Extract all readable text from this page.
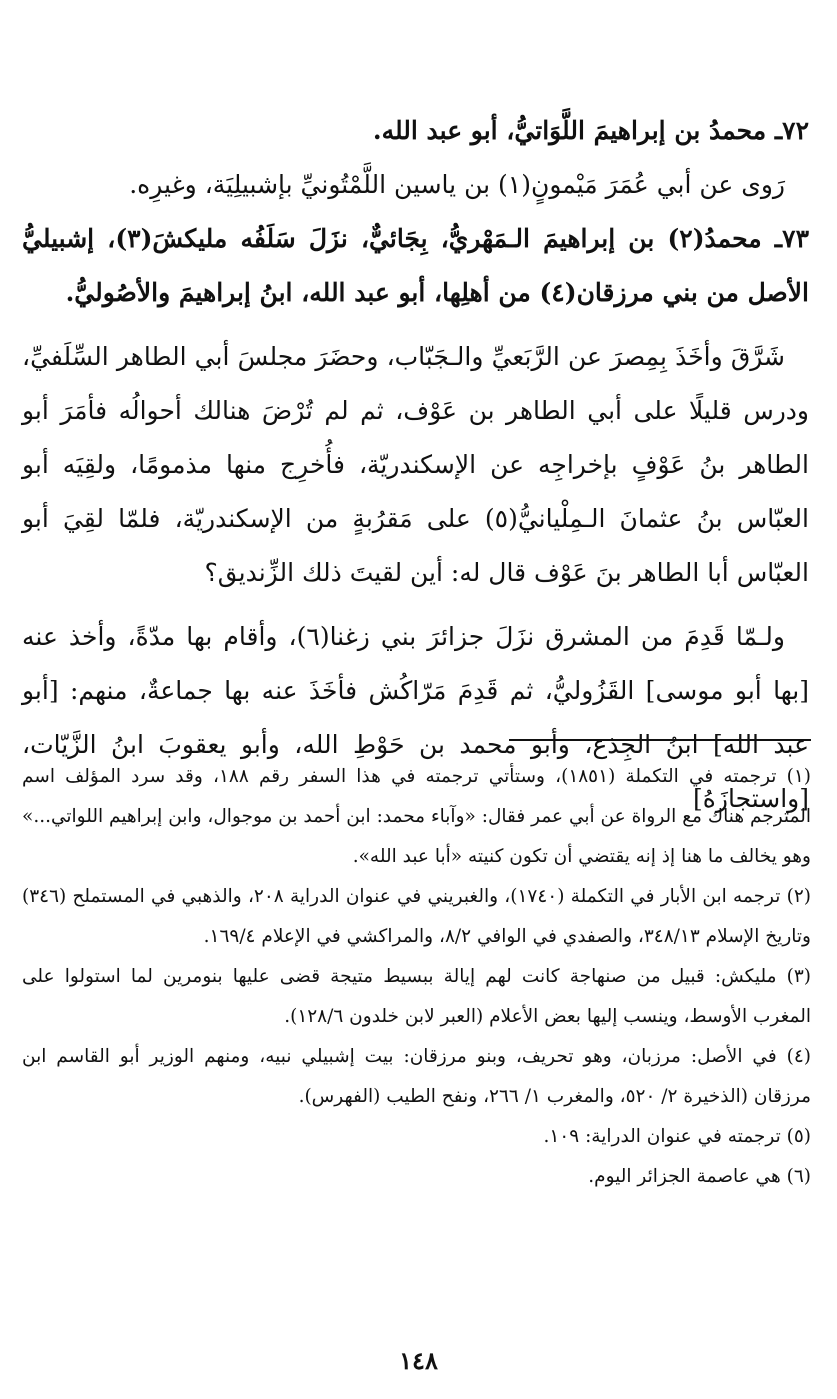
٧٢ـ محمدُ بن إبراهيمَ اللَّوَاتيُّ، أبو عبد الله.

رَوى عن أبي عُمَرَ مَيْمونٍ(١) بن ياسين اللَّمْتُونيِّ بإشبيلِيَة، وغيرِه.

٧٣ـ محمدُ(٢) بن إبراهيمَ الـمَهْريُّ، بِجَائيٌّ، نزَلَ سَلَفُه مليكشَ(٣)، إشبيليُّ الأصل من بني مرزقان(٤) من أهلِها، أبو عبد الله، ابنُ إبراهيمَ والأصُوليُّ.

شَرَّقَ وأخَذَ بِمِصرَ عن الرَّبَعيِّ والـجَبّاب، وحضَرَ مجلسَ أبي الطاهر السِّلَفيِّ، ودرس قليلًا على أبي الطاهر بن عَوْف، ثم لم تُرْضَ هنالك أحوالُه فأمَرَ أبو الطاهر بنُ عَوْفٍ بإخراجِه عن الإسكندريّة، فأُخرِج منها مذمومًا، ولقِيَه أبو العبّاس بنُ عثمانَ الـمِلْيانيُّ(٥) على مَقرُبةٍ من الإسكندريّة، فلمّا لقِيَ أبو العبّاس أبا الطاهر بنَ عَوْف قال له: أين لقيتَ ذلك الزِّنديق؟

ولـمّا قَدِمَ من المشرق نزَلَ جزائرَ بني زغنا(٦)، وأقام بها مدّةً، وأخذ عنه [بها أبو موسى] القَزُوليُّ، ثم قَدِمَ مَرّاكُش فأخَذَ عنه بها جماعةٌ، منهم: [أبو عبد الله] ابنُ الجِذع، وأبو محمد بن حَوْطِ الله، وأبو يعقوبَ ابنُ الزَّيّات، [واستجازَهُ]

(١) ترجمته في التكملة (١٨٥١)، وستأتي ترجمته في هذا السفر رقم ١٨٨، وقد سرد المؤلف اسم المترجم هناك مع الرواة عن أبي عمر فقال: «وآباء محمد: ابن أحمد بن موجوال، وابن إبراهيم اللواتي...» وهو يخالف ما هنا إذ إنه يقتضي أن تكون كنيته «أبا عبد الله».

(٢) ترجمه ابن الأبار في التكملة (١٧٤٠)، والغبريني في عنوان الدراية ٢٠٨، والذهبي في المستملح (٣٤٦) وتاريخ الإسلام ٣٤٨/١٣، والصفدي في الوافي ٨/٢، والمراكشي في الإعلام ١٦٩/٤.

(٣) مليكش: قبيل من صنهاجة كانت لهم إيالة ببسيط متيجة قضى عليها بنومرين لما استولوا على المغرب الأوسط، وينسب إليها بعض الأعلام (العبر لابن خلدون ١٢٨/٦).

(٤) في الأصل: مرزبان، وهو تحريف، وبنو مرزقان: بيت إشبيلي نبيه، ومنهم الوزير أبو القاسم ابن مرزقان (الذخيرة ٢/ ٥٢٠، والمغرب ١/ ٢٦٦، ونفح الطيب (الفهرس).

(٥) ترجمته في عنوان الدراية: ١٠٩.

(٦) هي عاصمة الجزائر اليوم.

١٤٨
